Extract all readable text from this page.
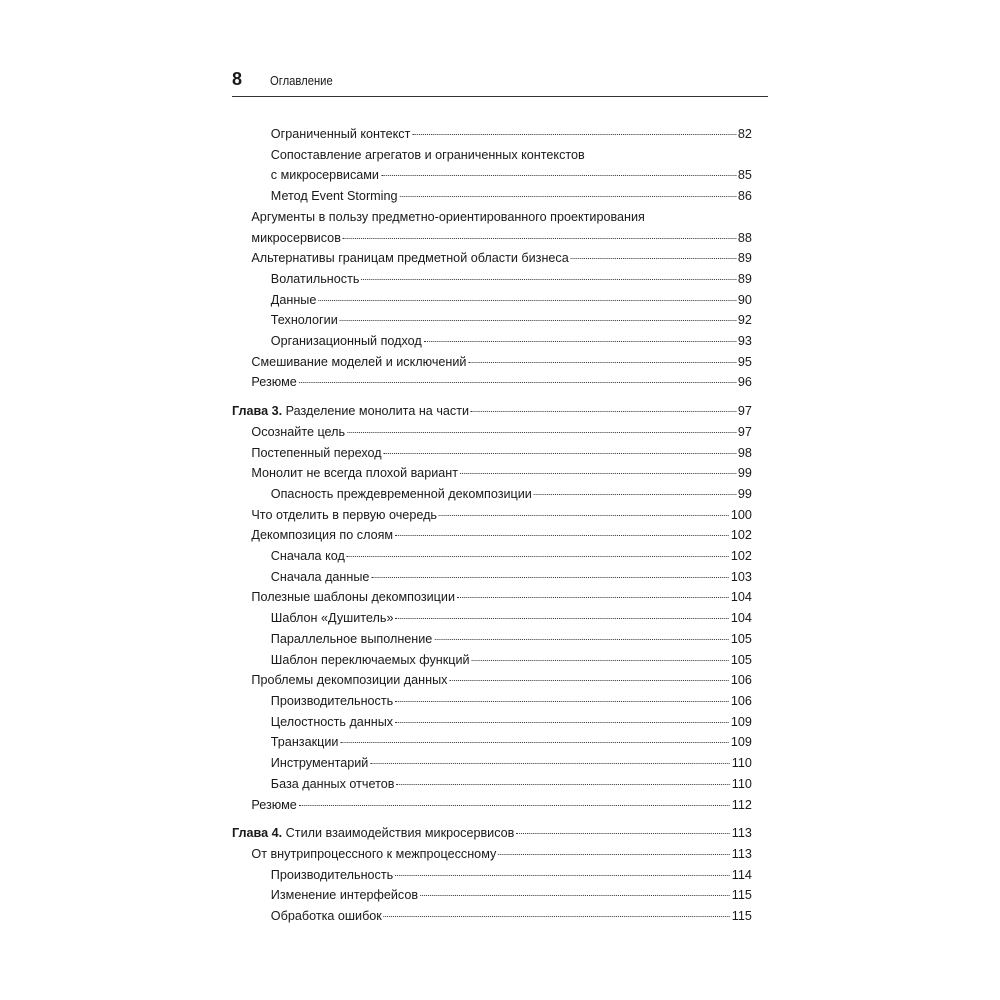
8 Оглавление
Ограниченный контекст	82
Сопоставление агрегатов и ограниченных контекстов
с микросервисами	85
Метод Event Storming	86
Аргументы в пользу предметно-ориентированного проектирования
микросервисов	88
Альтернативы границам предметной области бизнеса	89
Волатильность	89
Данные	90
Технологии	92
Организационный подход	93
Смешивание моделей и исключений	95
Резюме	96
Глава 3. Разделение монолита на части	97
Осознайте цель	97
Постепенный переход	98
Монолит не всегда плохой вариант	99
Опасность преждевременной декомпозиции	99
Что отделить в первую очередь	100
Декомпозиция по слоям	102
Сначала код	102
Сначала данные	103
Полезные шаблоны декомпозиции	104
Шаблон «Душитель»	104
Параллельное выполнение	105
Шаблон переключаемых функций	105
Проблемы декомпозиции данных	106
Производительность	106
Целостность данных	109
Транзакции	109
Инструментарий	110
База данных отчетов	110
Резюме	112
Глава 4. Стили взаимодействия микросервисов	113
От внутрипроцессного к межпроцессному	113
Производительность	114
Изменение интерфейсов	115
Обработка ошибок	115
